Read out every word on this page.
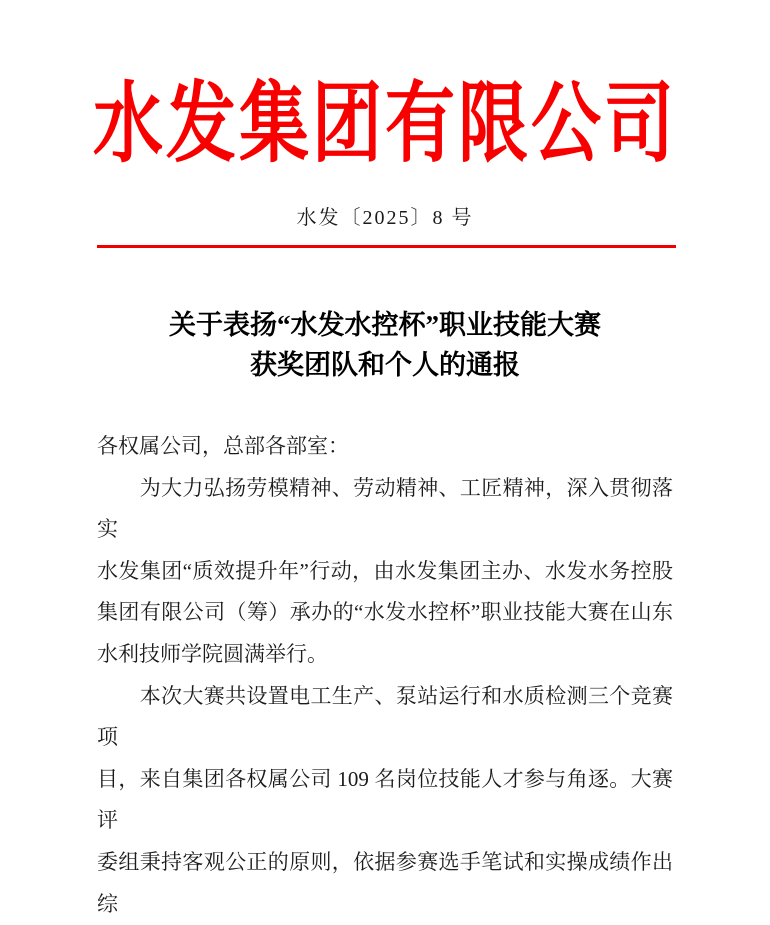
水发集团有限公司
水发〔2025〕8 号
关于表扬“水发水控杯”职业技能大赛
获奖团队和个人的通报
各权属公司，总部各部室：
　　为大力弘扬劳模精神、劳动精神、工匠精神，深入贯彻落实
水发集团“质效提升年”行动，由水发集团主办、水发水务控股
集团有限公司（筹）承办的“水发水控杯”职业技能大赛在山东
水利技师学院圆满举行。
　　本次大赛共设置电工生产、泵站运行和水质检测三个竞赛项
目，来自集团各权属公司 109 名岗位技能人才参与角逐。大赛评
委组秉持客观公正的原则，依据参赛选手笔试和实操成绩作出综
